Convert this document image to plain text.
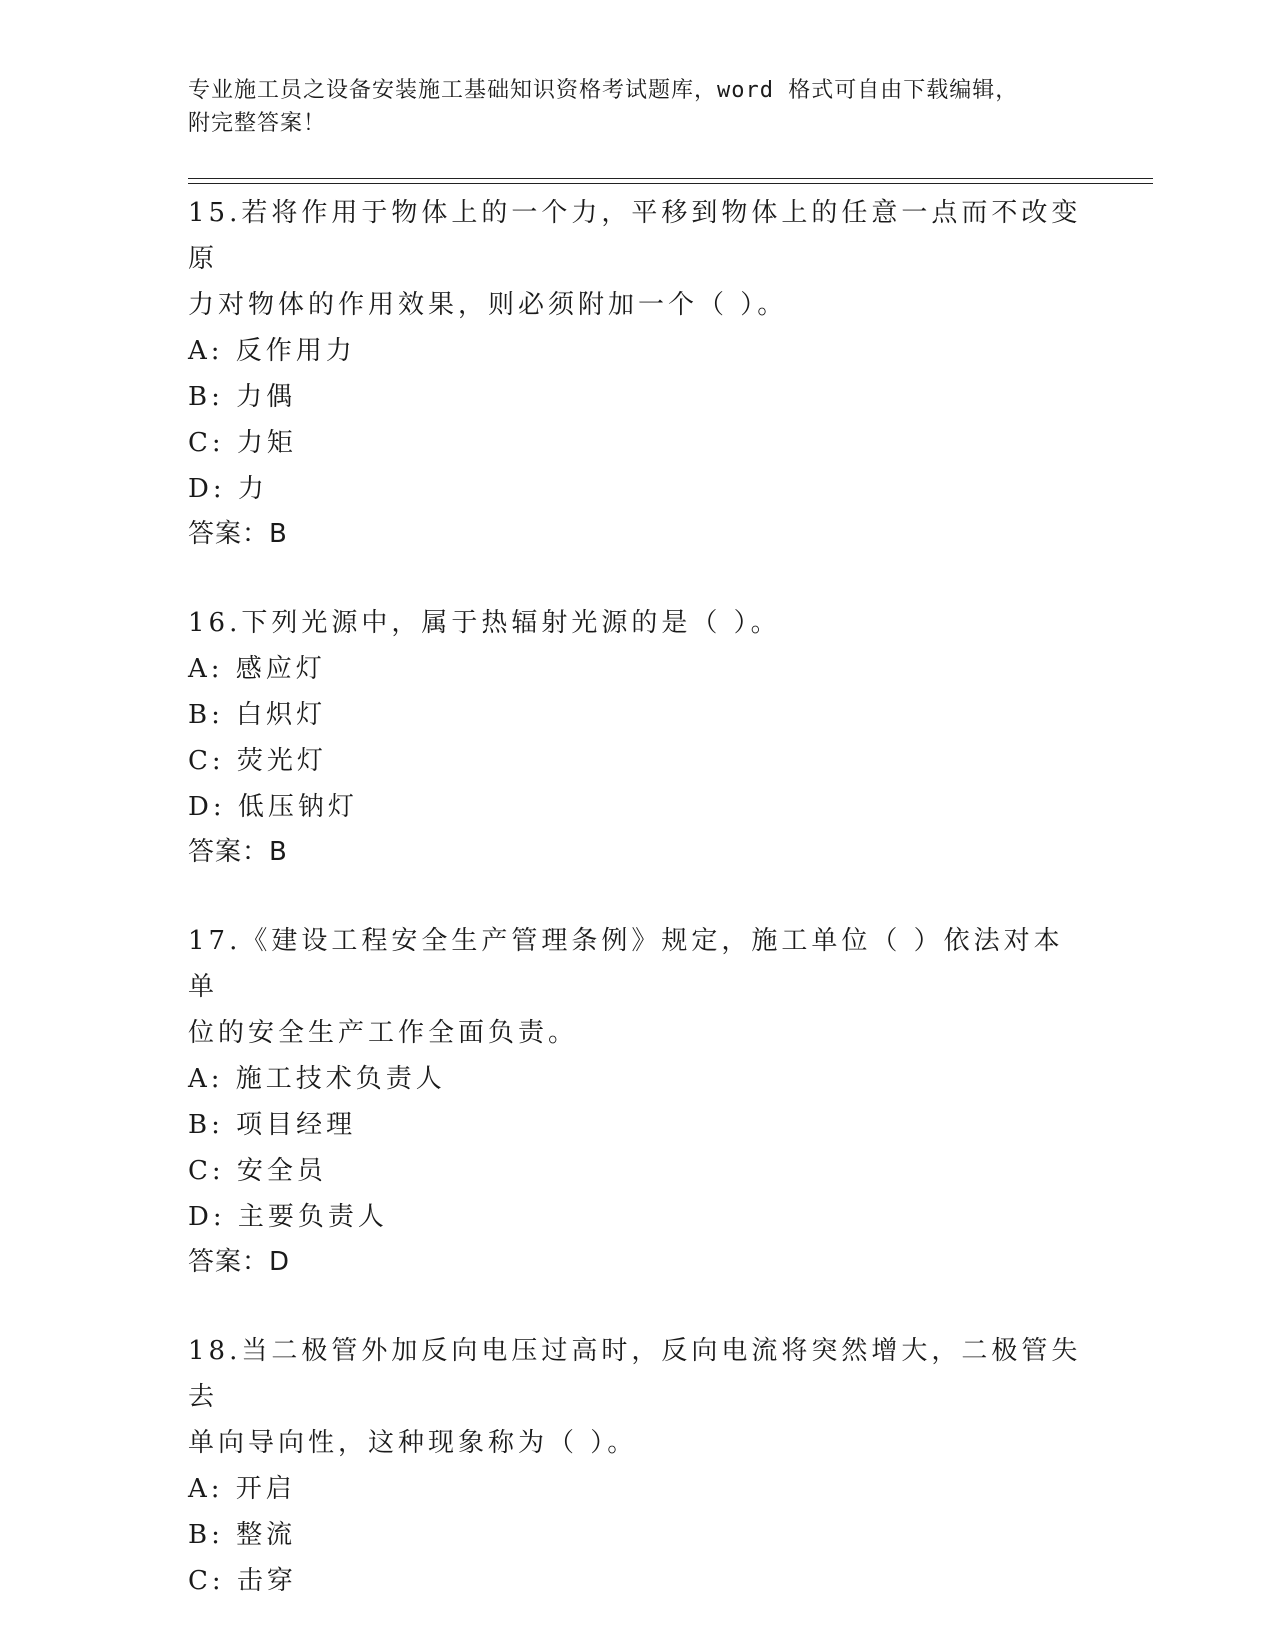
专业施工员之设备安装施工基础知识资格考试题库，word 格式可自由下载编辑，
附完整答案！

15.若将作用于物体上的一个力，平移到物体上的任意一点而不改变原

力对物体的作用效果，则必须附加一个（ ）。

A: 反作用力

B: 力偶

C: 力矩

D: 力

答案：B

16.下列光源中，属于热辐射光源的是（ ）。

A: 感应灯

B: 白炽灯

C: 荧光灯

D: 低压钠灯

答案：B

17.《建设工程安全生产管理条例》规定，施工单位（ ）依法对本单

位的安全生产工作全面负责。

A: 施工技术负责人

B: 项目经理

C: 安全员

D: 主要负责人

答案：D

18.当二极管外加反向电压过高时，反向电流将突然增大，二极管失去

单向导向性，这种现象称为（ ）。

A: 开启

B: 整流

C: 击穿
